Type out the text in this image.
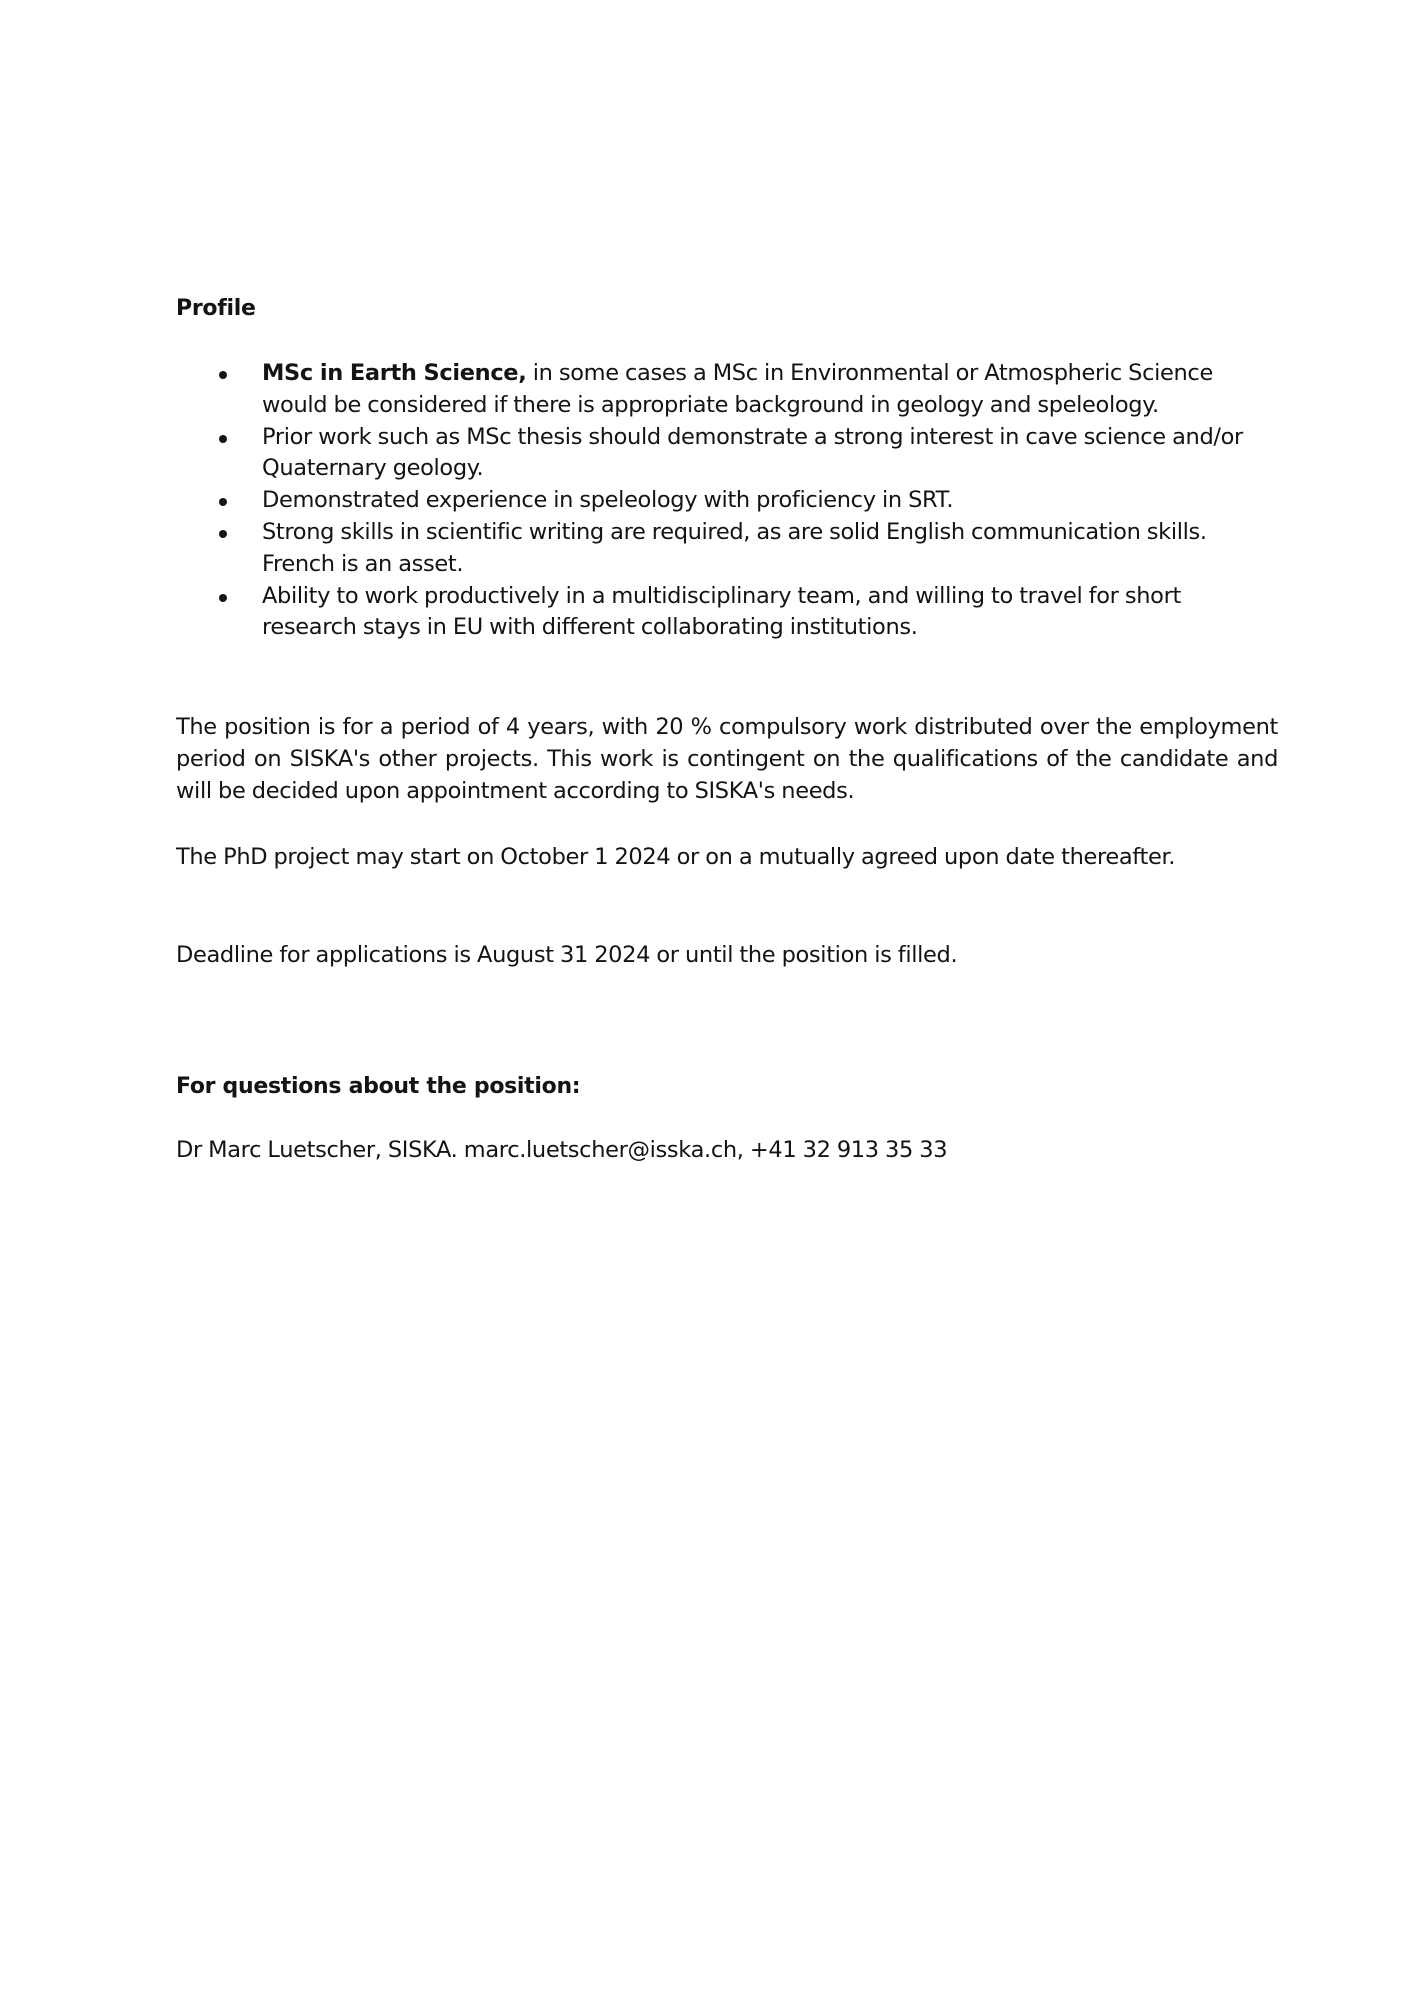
Profile
MSc in Earth Science, in some cases a MSc in Environmental or Atmospheric Science would be considered if there is appropriate background in geology and speleology.
Prior work such as MSc thesis should demonstrate a strong interest in cave science and/or Quaternary geology.
Demonstrated experience in speleology with proficiency in SRT.
Strong skills in scientific writing are required, as are solid English communication skills. French is an asset.
Ability to work productively in a multidisciplinary team, and willing to travel for short research stays in EU with different collaborating institutions.

The position is for a period of 4 years, with 20 % compulsory work distributed over the employment period on SISKA's other projects. This work is contingent on the qualifications of the candidate and will be decided upon appointment according to SISKA's needs.

The PhD project may start on October 1 2024 or on a mutually agreed upon date thereafter.

Deadline for applications is August 31 2024 or until the position is filled.

For questions about the position:

Dr Marc Luetscher, SISKA. marc.luetscher@isska.ch, +41 32 913 35 33
